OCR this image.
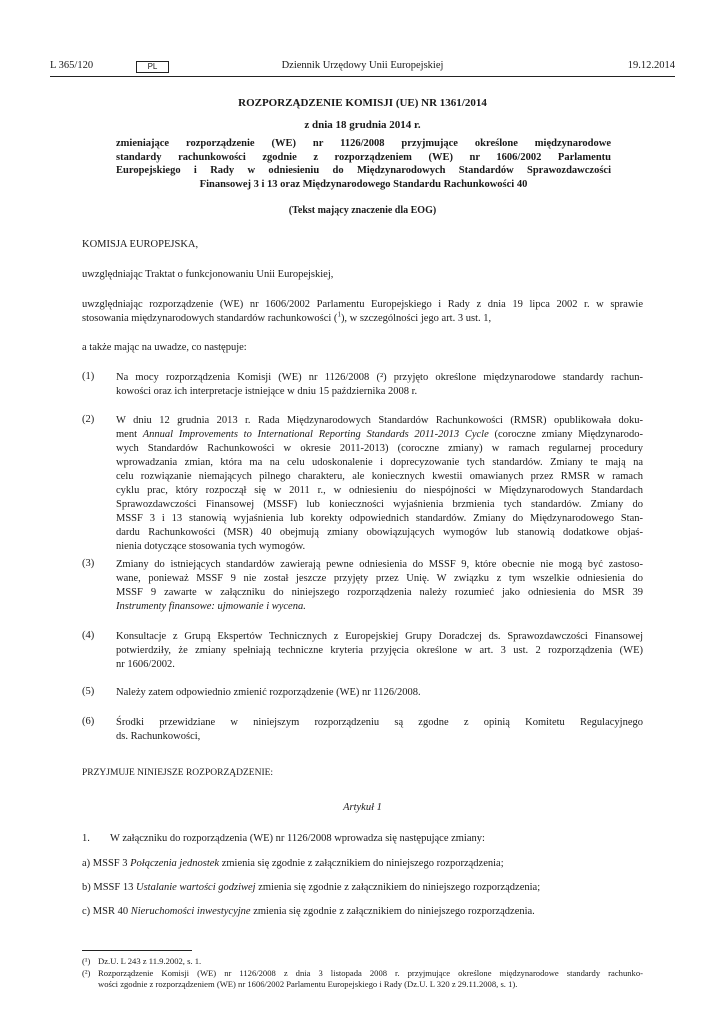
L 365/120	PL	Dziennik Urzędowy Unii Europejskiej	19.12.2014
ROZPORZĄDZENIE KOMISJI (UE) NR 1361/2014
z dnia 18 grudnia 2014 r.
zmieniające rozporządzenie (WE) nr 1126/2008 przyjmujące określone międzynarodowe
standardy rachunkowości zgodnie z rozporządzeniem (WE) nr 1606/2002 Parlamentu
Europejskiego i Rady w odniesieniu do Międzynarodowych Standardów Sprawozdawczości
Finansowej 3 i 13 oraz Międzynarodowego Standardu Rachunkowości 40
(Tekst mający znaczenie dla EOG)
KOMISJA EUROPEJSKA,
uwzględniając Traktat o funkcjonowaniu Unii Europejskiej,
uwzględniając rozporządzenie (WE) nr 1606/2002 Parlamentu Europejskiego i Rady z dnia 19 lipca 2002 r. w sprawie
stosowania międzynarodowych standardów rachunkowości ($^1$), w szczególności jego art. 3 ust. 1,
a także mając na uwadze, co następuje:
(1) Na mocy rozporządzenia Komisji (WE) nr 1126/2008 (²) przyjęto określone międzynarodowe standardy rachun-
kowości oraz ich interpretacje istniejące w dniu 15 października 2008 r.
(2) W dniu 12 grudnia 2013 r. Rada Międzynarodowych Standardów Rachunkowości (RMSR) opublikowała doku-
ment Annual Improvements to International Reporting Standards 2011-2013 Cycle (coroczne zmiany Międzynarodo-
wych Standardów Rachunkowości w okresie 2011-2013) (coroczne zmiany) w ramach regularnej procedury
wprowadzania zmian, która ma na celu udoskonalenie i doprecyzowanie tych standardów. Zmiany te mają na
celu rozwiązanie niemających pilnego charakteru, ale koniecznych kwestii omawianych przez RMSR w ramach
cyklu prac, który rozpoczął się w 2011 r., w odniesieniu do niespójności w Międzynarodowych Standardach
Sprawozdawczości Finansowej (MSSF) lub konieczności wyjaśnienia brzmienia tych standardów. Zmiany do
MSSF 3 i 13 stanowią wyjaśnienia lub korekty odpowiednich standardów. Zmiany do Międzynarodowego Stan-
dardu Rachunkowości (MSR) 40 obejmują zmiany obowiązujących wymogów lub stanowią dodatkowe objaś-
nienia dotyczące stosowania tych wymogów.
(3) Zmiany do istniejących standardów zawierają pewne odniesienia do MSSF 9, które obecnie nie mogą być zastoso-
wane, ponieważ MSSF 9 nie został jeszcze przyjęty przez Unię. W związku z tym wszelkie odniesienia do
MSSF 9 zawarte w załączniku do niniejszego rozporządzenia należy rozumieć jako odniesienia do MSR 39
Instrumenty finansowe: ujmowanie i wycena.
(4) Konsultacje z Grupą Ekspertów Technicznych z Europejskiej Grupy Doradczej ds. Sprawozdawczości Finansowej
potwierdziły, że zmiany spełniają techniczne kryteria przyjęcia określone w art. 3 ust. 2 rozporządzenia (WE)
nr 1606/2002.
(5) Należy zatem odpowiednio zmienić rozporządzenie (WE) nr 1126/2008.
(6) Środki przewidziane w niniejszym rozporządzeniu są zgodne z opinią Komitetu Regulacyjnego
ds. Rachunkowości,
PRZYJMUJE NINIEJSZE ROZPORZĄDZENIE:
Artykuł 1
1. W załączniku do rozporządzenia (WE) nr 1126/2008 wprowadza się następujące zmiany:
a) MSSF 3 Połączenia jednostek zmienia się zgodnie z załącznikiem do niniejszego rozporządzenia;
b) MSSF 13 Ustalanie wartości godziwej zmienia się zgodnie z załącznikiem do niniejszego rozporządzenia;
c) MSR 40 Nieruchomości inwestycyjne zmienia się zgodnie z załącznikiem do niniejszego rozporządzenia.
(¹) Dz.U. L 243 z 11.9.2002, s. 1.
(²) Rozporządzenie Komisji (WE) nr 1126/2008 z dnia 3 listopada 2008 r. przyjmujące określone międzynarodowe standardy rachunko-
wości zgodnie z rozporządzeniem (WE) nr 1606/2002 Parlamentu Europejskiego i Rady (Dz.U. L 320 z 29.11.2008, s. 1).
